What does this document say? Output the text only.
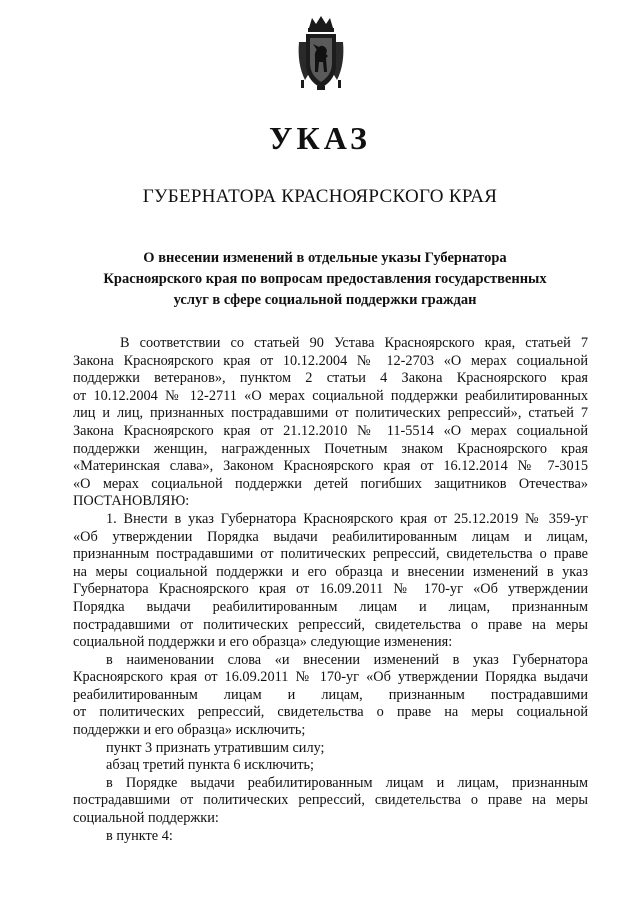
УКАЗ
ГУБЕРНАТОРА КРАСНОЯРСКОГО КРАЯ
О внесении изменений в отдельные указы Губернатора
Красноярского края по вопросам предоставления государственных
услуг в сфере социальной поддержки граждан
В соответствии со статьей 90 Устава Красноярского края, статьей 7
Закона Красноярского края от 10.12.2004 № 12-2703 «О мерах социальной
поддержки ветеранов», пунктом 2 статьи 4 Закона Красноярского края
от 10.12.2004 № 12-2711 «О мерах социальной поддержки реабилитированных
лиц и лиц, признанных пострадавшими от политических репрессий», статьей 7
Закона Красноярского края от 21.12.2010 № 11-5514 «О мерах социальной
поддержки женщин, награжденных Почетным знаком Красноярского края
«Материнская слава», Законом Красноярского края от 16.12.2014 № 7-3015
«О мерах социальной поддержки детей погибших защитников Отечества»
ПОСТАНОВЛЯЮ:
1. Внести в указ Губернатора Красноярского края от 25.12.2019 № 359-уг
«Об утверждении Порядка выдачи реабилитированным лицам и лицам,
признанным пострадавшими от политических репрессий, свидетельства о праве
на меры социальной поддержки и его образца и внесении изменений в указ
Губернатора Красноярского края от 16.09.2011 № 170-уг «Об утверждении
Порядка выдачи реабилитированным лицам и лицам, признанным
пострадавшими от политических репрессий, свидетельства о праве на меры
социальной поддержки и его образца» следующие изменения:
в наименовании слова «и внесении изменений в указ Губернатора
Красноярского края от 16.09.2011 № 170-уг «Об утверждении Порядка выдачи
реабилитированным лицам и лицам, признанным пострадавшими
от политических репрессий, свидетельства о праве на меры социальной
поддержки и его образца» исключить;
пункт 3 признать утратившим силу;
абзац третий пункта 6 исключить;
в Порядке выдачи реабилитированным лицам и лицам, признанным
пострадавшими от политических репрессий, свидетельства о праве на меры
социальной поддержки:
в пункте 4:
